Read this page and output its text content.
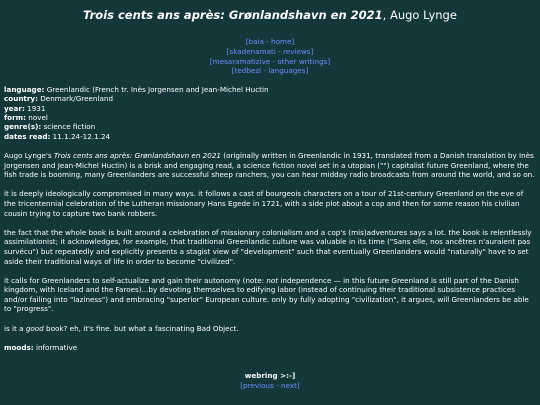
Trois cents ans après: Grønlandshavn en 2021, Augo Lynge
[baia - home]
[skadenamati - reviews]
[mesaramatizive - other writings]
[tedbezi - languages]
language: Greenlandic (French tr. Inès Jorgensen and Jean-Michel Huctin
country: Denmark/Greenland
year: 1931
form: novel
genre(s): science fiction
dates read: 11.1.24-12.1.24

Augo Lynge's Trois cents ans après: Grønlandshavn en 2021 (originally written in Greenlandic in 1931, translated from a Danish translation by Inès Jorgensen and Jean-Michel Huctin) is a brisk and engaging read, a science fiction novel set in a utopian ("") capitalist future Greenland, where the fish trade is booming, many Greenlanders are successful sheep ranchers, you can hear midday radio broadcasts from around the world, and so on.

it is deeply ideologically compromised in many ways. it follows a cast of bourgeois characters on a tour of 21st-century Greenland on the eve of the tricentennial celebration of the Lutheran missionary Hans Egede in 1721, with a side plot about a cop and then for some reason his civilian cousin trying to capture two bank robbers.

the fact that the whole book is built around a celebration of missionary colonialism and a cop's (mis)adventures says a lot. the book is relentlessly assimilationist; it acknowledges, for example, that traditional Greenlandic culture was valuable in its time ("Sans elle, nos ancêtres n'auraient pas survécu") but repeatedly and explicitly presents a stagist view of "development" such that eventually Greenlanders would "naturally" have to set aside their traditional ways of life in order to become "civilized".

it calls for Greenlanders to self-actualize and gain their autonomy (note: not independence — in this future Greenland is still part of the Danish kingdom, with Iceland and the Faroes)...by devoting themselves to edifying labor (instead of continuing their traditional subsistence practices and/or failing into "laziness") and embracing "superior" European culture. only by fully adopting "civilization", it argues, will Greenlanders be able to "progress".

is it a good book? eh, it's fine. but what a fascinating Bad Object.

moods: informative

webring >:-]
[previous - next]
